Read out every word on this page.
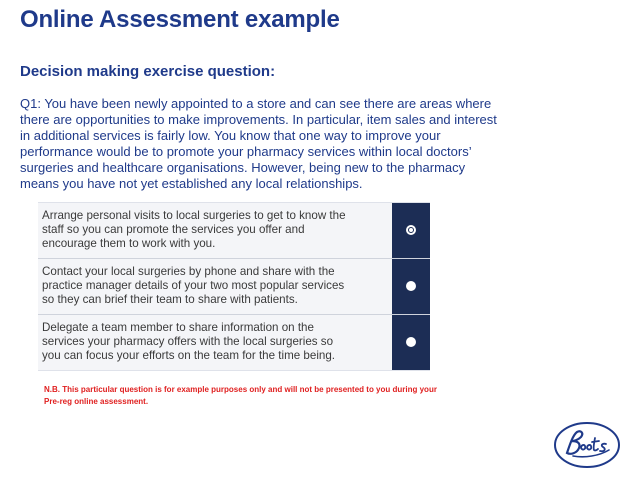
Online Assessment example
Decision making exercise question:
Q1: You have been newly appointed to a store and can see there are areas where
there are opportunities to make improvements. In particular, item sales and interest
in additional services is fairly low. You know that one way to improve your
performance would be to promote your pharmacy services within local doctors’
surgeries and healthcare organisations. However, being new to the pharmacy
means you have not yet established any local relationships.
Arrange personal visits to local surgeries to get to know the
staff so you can promote the services you offer and
encourage them to work with you.
Contact your local surgeries by phone and share with the
practice manager details of your two most popular services
so they can brief their team to share with patients.
Delegate a team member to share information on the
services your pharmacy offers with the local surgeries so
you can focus your efforts on the team for the time being.
N.B. This particular question is for example purposes only and will not be presented to you during your
Pre-reg online assessment.
